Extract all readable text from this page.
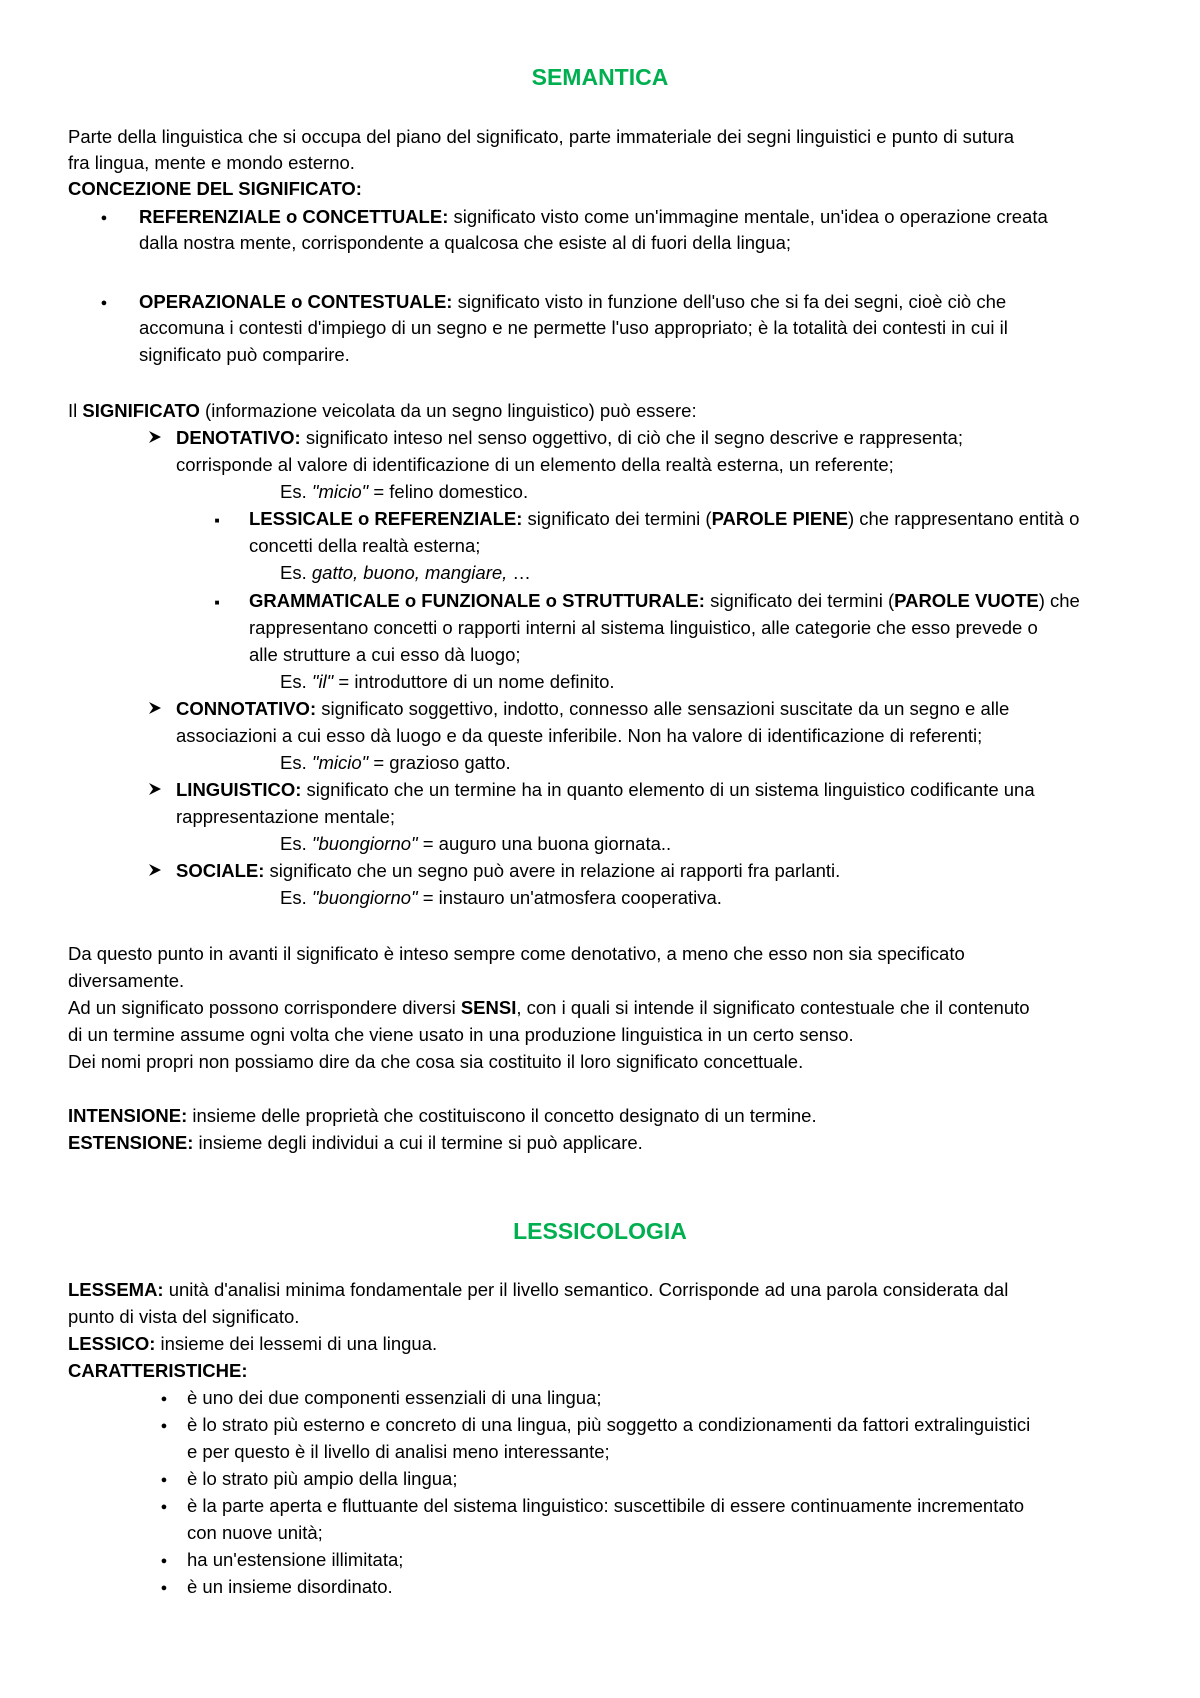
SEMANTICA
Parte della linguistica che si occupa del piano del significato, parte immateriale dei segni linguistici e punto di sutura
fra lingua, mente e mondo esterno.
CONCEZIONE DEL SIGNIFICATO:
●
REFERENZIALE o CONCETTUALE: significato visto come un'immagine mentale, un'idea o operazione creata
dalla nostra mente, corrispondente a qualcosa che esiste al di fuori della lingua;
●
OPERAZIONALE o CONTESTUALE: significato visto in funzione dell'uso che si fa dei segni, cioè ciò che
accomuna i contesti d'impiego di un segno e ne permette l'uso appropriato; è la totalità dei contesti in cui il
significato può comparire.
Il SIGNIFICATO (informazione veicolata da un segno linguistico) può essere:
DENOTATIVO: significato inteso nel senso oggettivo, di ciò che il segno descrive e rappresenta;
corrisponde al valore di identificazione di un elemento della realtà esterna, un referente;
Es. "micio" = felino domestico.
■
LESSICALE o REFERENZIALE: significato dei termini (PAROLE PIENE) che rappresentano entità o
concetti della realtà esterna;
Es. gatto, buono, mangiare, …
■
GRAMMATICALE o FUNZIONALE o STRUTTURALE: significato dei termini (PAROLE VUOTE) che
rappresentano concetti o rapporti interni al sistema linguistico, alle categorie che esso prevede o
alle strutture a cui esso dà luogo;
Es. "il" = introduttore di un nome definito.
CONNOTATIVO: significato soggettivo, indotto, connesso alle sensazioni suscitate da un segno e alle
associazioni a cui esso dà luogo e da queste inferibile. Non ha valore di identificazione di referenti;
Es. "micio" = grazioso gatto.
LINGUISTICO: significato che un termine ha in quanto elemento di un sistema linguistico codificante una
rappresentazione mentale;
Es. "buongiorno" = auguro una buona giornata..
SOCIALE: significato che un segno può avere in relazione ai rapporti fra parlanti.
Es. "buongiorno" = instauro un'atmosfera cooperativa.
Da questo punto in avanti il significato è inteso sempre come denotativo, a meno che esso non sia specificato
diversamente.
Ad un significato possono corrispondere diversi SENSI, con i quali si intende il significato contestuale che il contenuto
di un termine assume ogni volta che viene usato in una produzione linguistica in un certo senso.
Dei nomi propri non possiamo dire da che cosa sia costituito il loro significato concettuale.
INTENSIONE: insieme delle proprietà che costituiscono il concetto designato di un termine.
ESTENSIONE: insieme degli individui a cui il termine si può applicare.
LESSICOLOGIA
LESSEMA: unità d'analisi minima fondamentale per il livello semantico. Corrisponde ad una parola considerata dal
punto di vista del significato.
LESSICO: insieme dei lessemi di una lingua.
CARATTERISTICHE:
●
è uno dei due componenti essenziali di una lingua;
●
è lo strato più esterno e concreto di una lingua, più soggetto a condizionamenti da fattori extralinguistici
e per questo è il livello di analisi meno interessante;
●
è lo strato più ampio della lingua;
●
è la parte aperta e fluttuante del sistema linguistico: suscettibile di essere continuamente incrementato
con nuove unità;
●
ha un'estensione illimitata;
●
è un insieme disordinato.
